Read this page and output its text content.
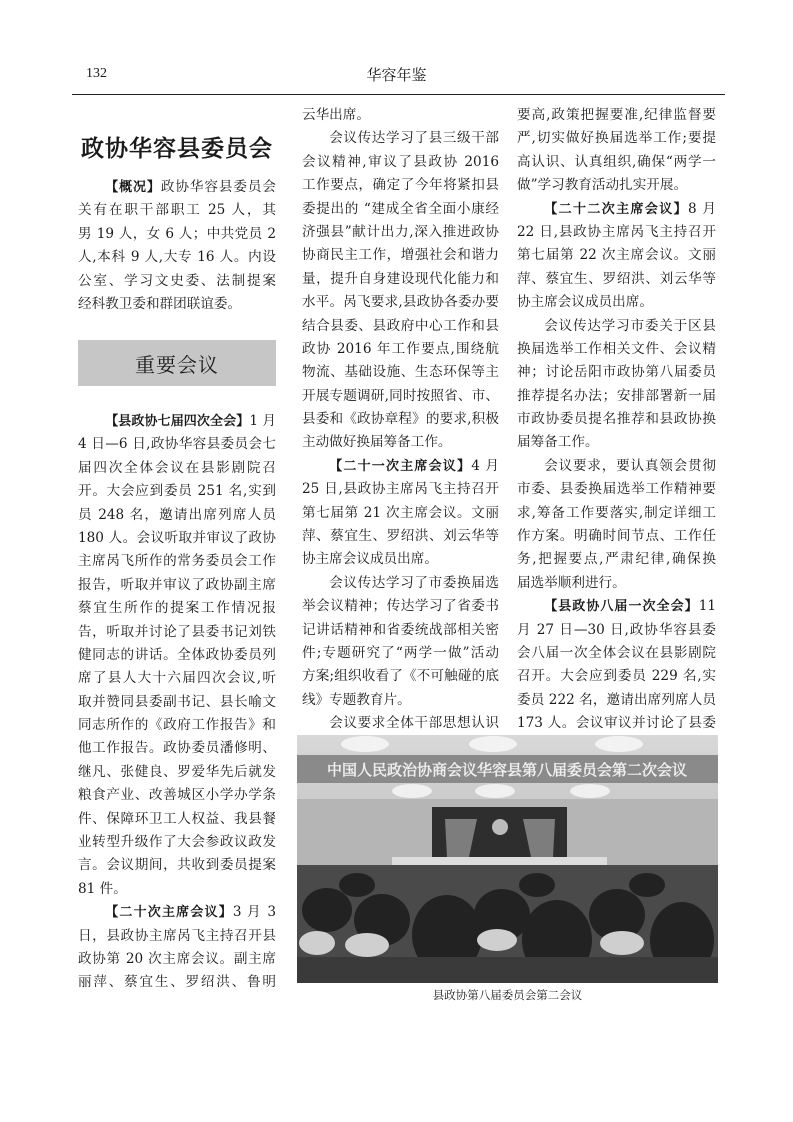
132	华容年鉴
政协华容县委员会
【概况】政协华容县委员会
关有在职干部职工 25 人，其
男 19 人，女 6 人；中共党员 2
人,本科 9 人,大专 16 人。内设
公室、学习文史委、法制提案
经科教卫委和群团联谊委。
重要会议
【县政协七届四次全会】1 月
4 日—6 日,政协华容县委员会七
届四次全体会议在县影剧院召
开。大会应到委员 251 名,实到
员 248 名，邀请出席列席人员
180 人。会议听取并审议了政协
主席呙飞所作的常务委员会工作
报告，听取并审议了政协副主席
蔡宜生所作的提案工作情况报
告，听取并讨论了县委书记刘铁
健同志的讲话。全体政协委员列
席了县人大十六届四次会议,听
取并赞同县委副书记、县长喻文
同志所作的《政府工作报告》和
他工作报告。政协委员潘修明、
继凡、张健良、罗爱华先后就发
粮食产业、改善城区小学办学条
件、保障环卫工人权益、我县餐
业转型升级作了大会参政议政发
言。会议期间，共收到委员提案
81 件。
【二十次主席会议】3 月 3
日，县政协主席呙飞主持召开县
政协第 20 次主席会议。副主席
丽萍、蔡宜生、罗绍洪、鲁明
云华出席。
会议传达学习了县三级干部
会议精神,审议了县政协 2016
工作要点，确定了今年将紧扣县
委提出的 “建成全省全面小康经
济强县”献计出力,深入推进政协
协商民主工作，增强社会和谐力
量，提升自身建设现代化能力和
水平。呙飞要求,县政协各委办要
结合县委、县政府中心工作和县
政协 2016 年工作要点,围绕航
物流、基础设施、生态环保等主
开展专题调研,同时按照省、市、
县委和《政协章程》的要求,积极
主动做好换届筹备工作。
【二十一次主席会议】4 月
25 日,县政协主席呙飞主持召开
第七届第 21 次主席会议。文丽
萍、蔡宜生、罗绍洪、刘云华等
协主席会议成员出席。
会议传达学习了市委换届选
举会议精神；传达学习了省委书
记讲话精神和省委统战部相关密
件;专题研究了“两学一做”活动
方案;组织收看了《不可触碰的底
线》专题教育片。
会议要求全体干部思想认识
要高,政策把握要准,纪律监督要
严,切实做好换届选举工作;要提
高认识、认真组织,确保“两学一
做”学习教育活动扎实开展。
【二十二次主席会议】8 月
22 日,县政协主席呙飞主持召开
第七届第 22 次主席会议。文丽
萍、蔡宜生、罗绍洪、刘云华等
协主席会议成员出席。
会议传达学习市委关于区县
换届选举工作相关文件、会议精
神；讨论岳阳市政协第八届委员
推荐提名办法；安排部署新一届
市政协委员提名推荐和县政协换
届筹备工作。
会议要求，要认真领会贯彻
市委、县委换届选举工作精神要
求,筹备工作要落实,制定详细工
作方案。明确时间节点、工作任
务,把握要点,严肃纪律,确保换
届选举顺利进行。
【县政协八届一次全会】11
月 27 日—30 日,政协华容县委
会八届一次全体会议在县影剧院
召开。大会应到委员 229 名,实
委员 222 名，邀请出席列席人员
173 人。会议审议并讨论了县委
中国人民政治协商会议华容县第八届委员会第二次会议
县政协第八届委员会第二会议
